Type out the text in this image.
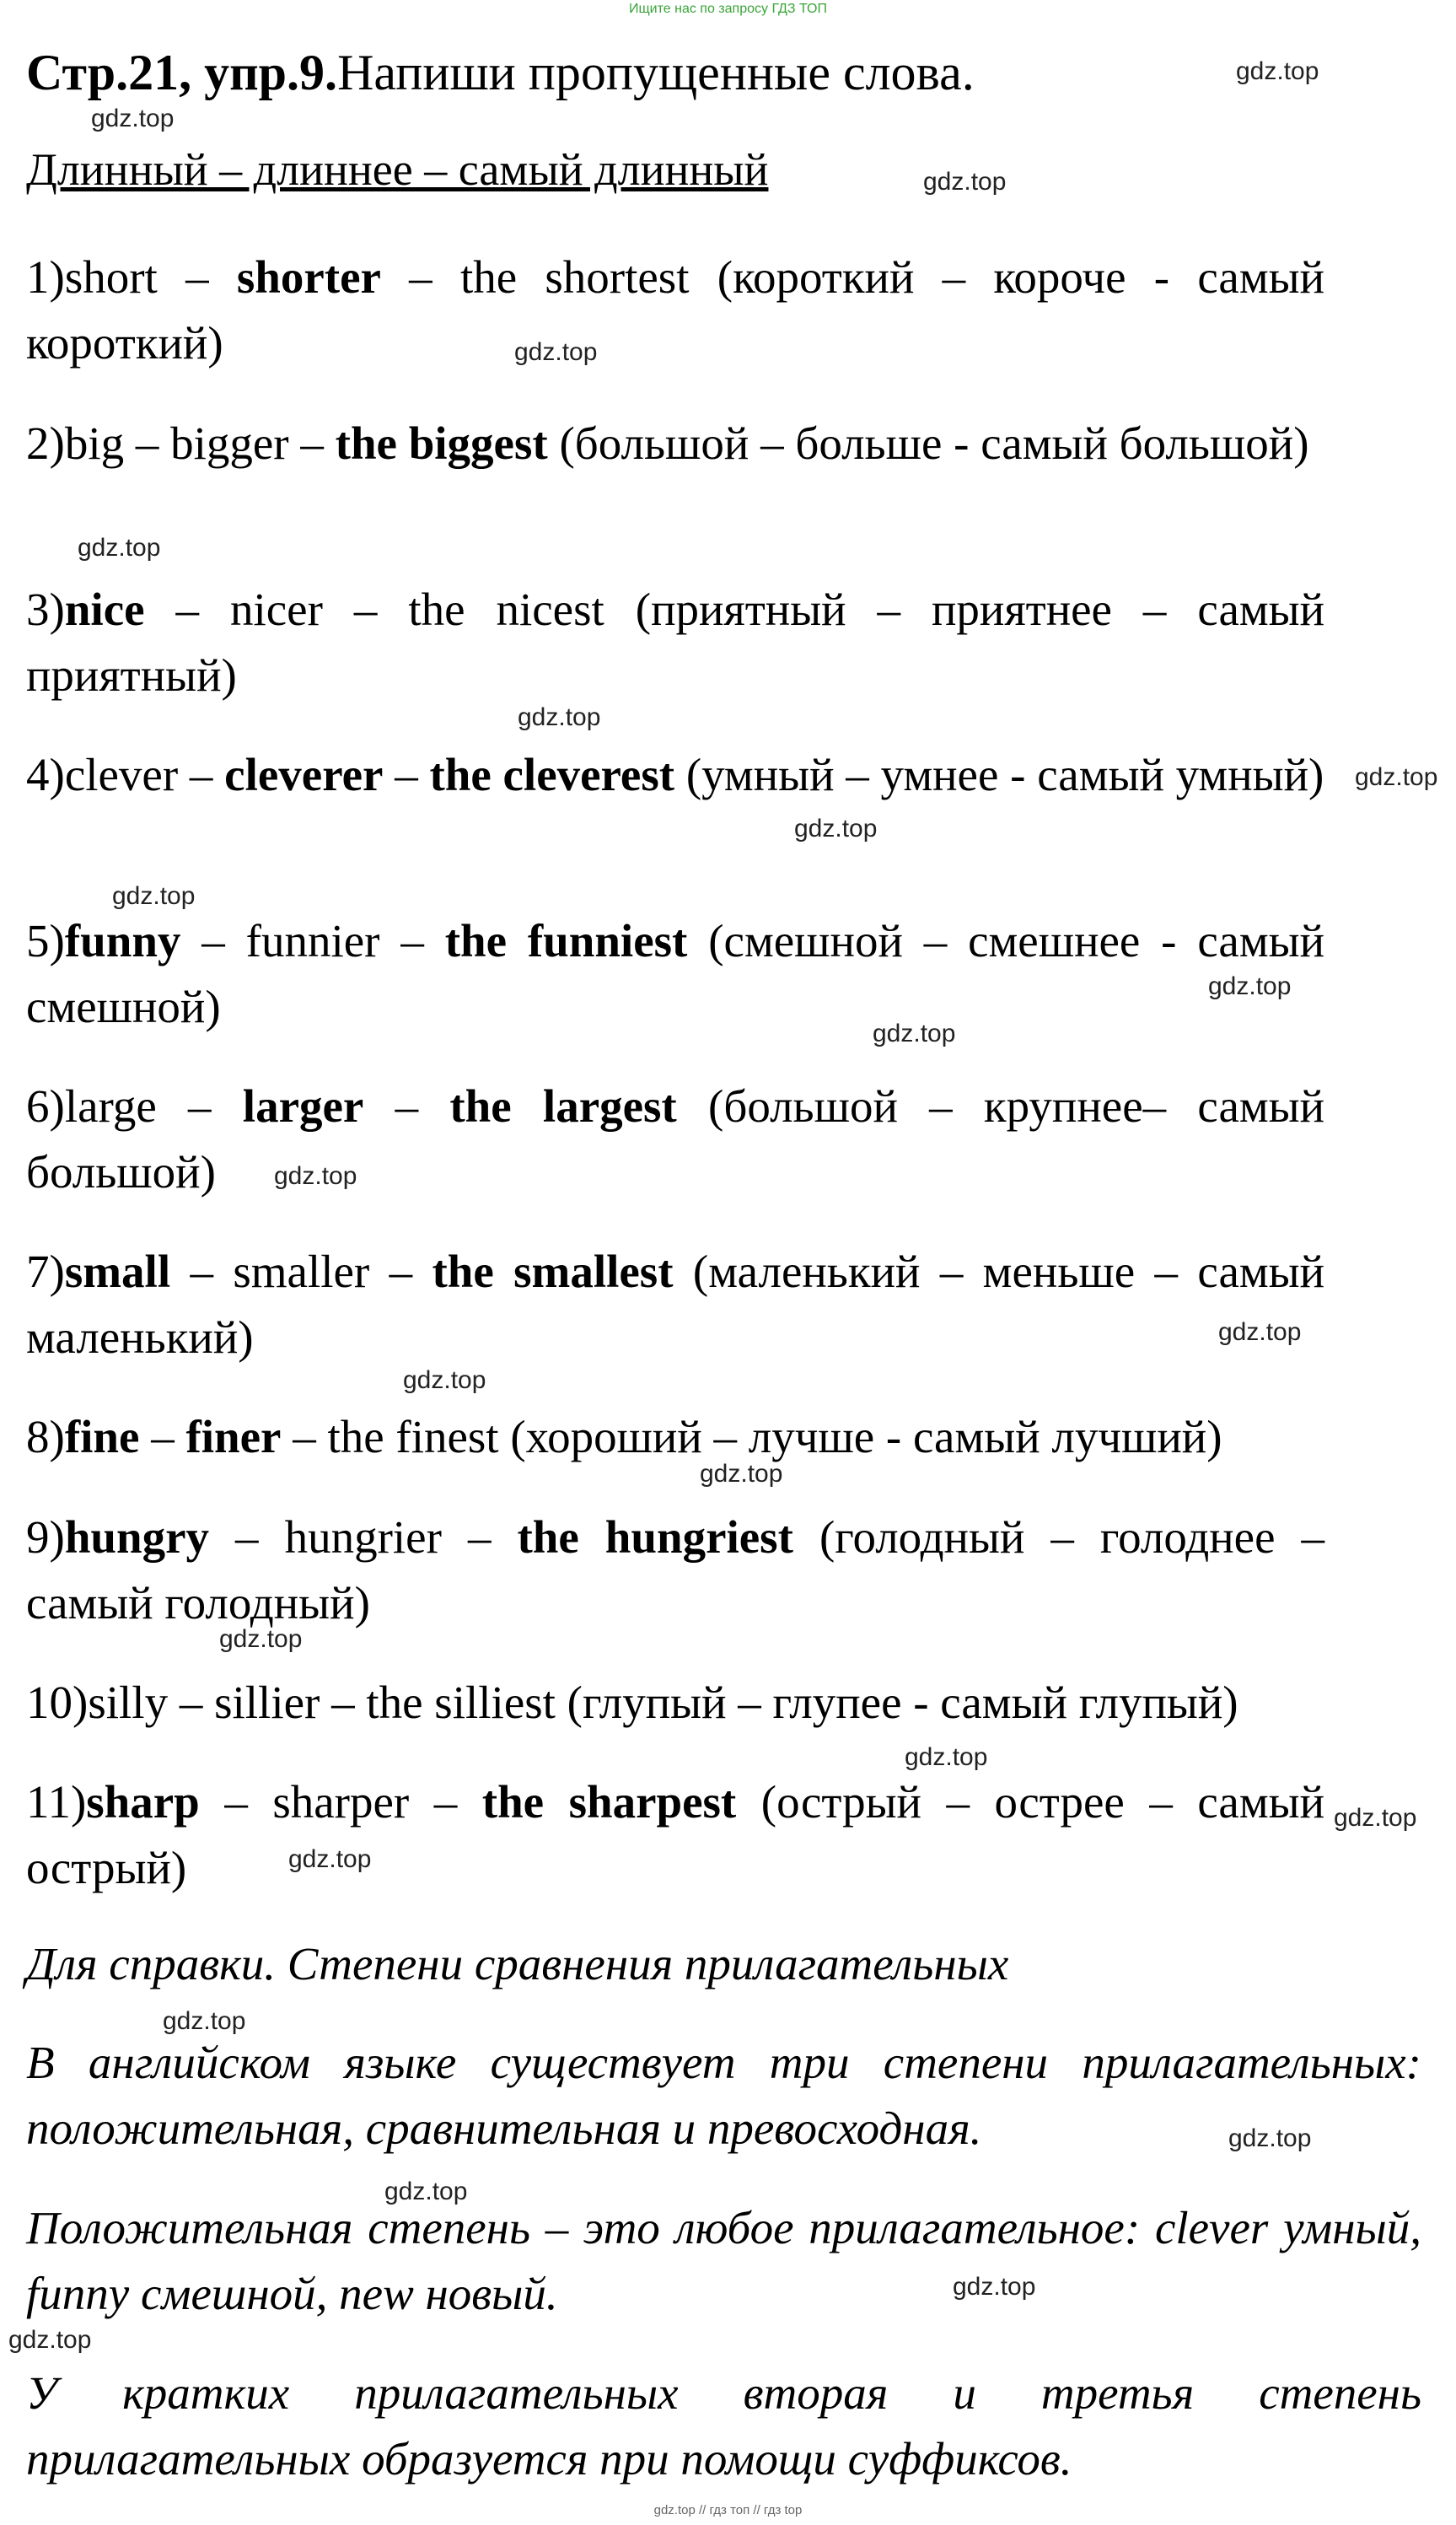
Ищите нас по запросу ГДЗ ТОП
Стр.21, упр.9.Напиши пропущенные слова.
Длинный – длиннее – самый длинный
1)short – shorter – the shortest (короткий – короче - самый короткий)
2)big – bigger – the biggest (большой – больше - самый большой)
3)nice – nicer – the nicest (приятный – приятнее – самый приятный)
4)clever – cleverer – the cleverest (умный – умнее - самый умный)
5)funny – funnier – the funniest (смешной – смешнее - самый смешной)
6)large – larger – the largest (большой – крупнее– самый большой)
7)small – smaller – the smallest (маленький – меньше – самый маленький)
8)fine – finer – the finest (хороший – лучше - самый лучший)
9)hungry – hungrier – the hungriest (голодный – голоднее – самый голодный)
10)silly – sillier – the silliest (глупый – глупее - самый глупый)
11)sharp – sharper – the sharpest (острый – острее – самый острый)
Для справки. Степени сравнения прилагательных
В английском языке существует три степени прилагательных: положительная, сравнительная и превосходная.
Положительная степень – это любое прилагательное: clever умный, funny смешной, new новый.
У кратких прилагательных вторая и третья степень прилагательных образуется при помощи суффиксов.
gdz.top
gdz.top
gdz.top
gdz.top
gdz.top
gdz.top
gdz.top
gdz.top
gdz.top
gdz.top
gdz.top
gdz.top
gdz.top
gdz.top
gdz.top
gdz.top
gdz.top
gdz.top
gdz.top
gdz.top
gdz.top
gdz.top
gdz.top
gdz.top
gdz.top // гдз топ // гдз top
